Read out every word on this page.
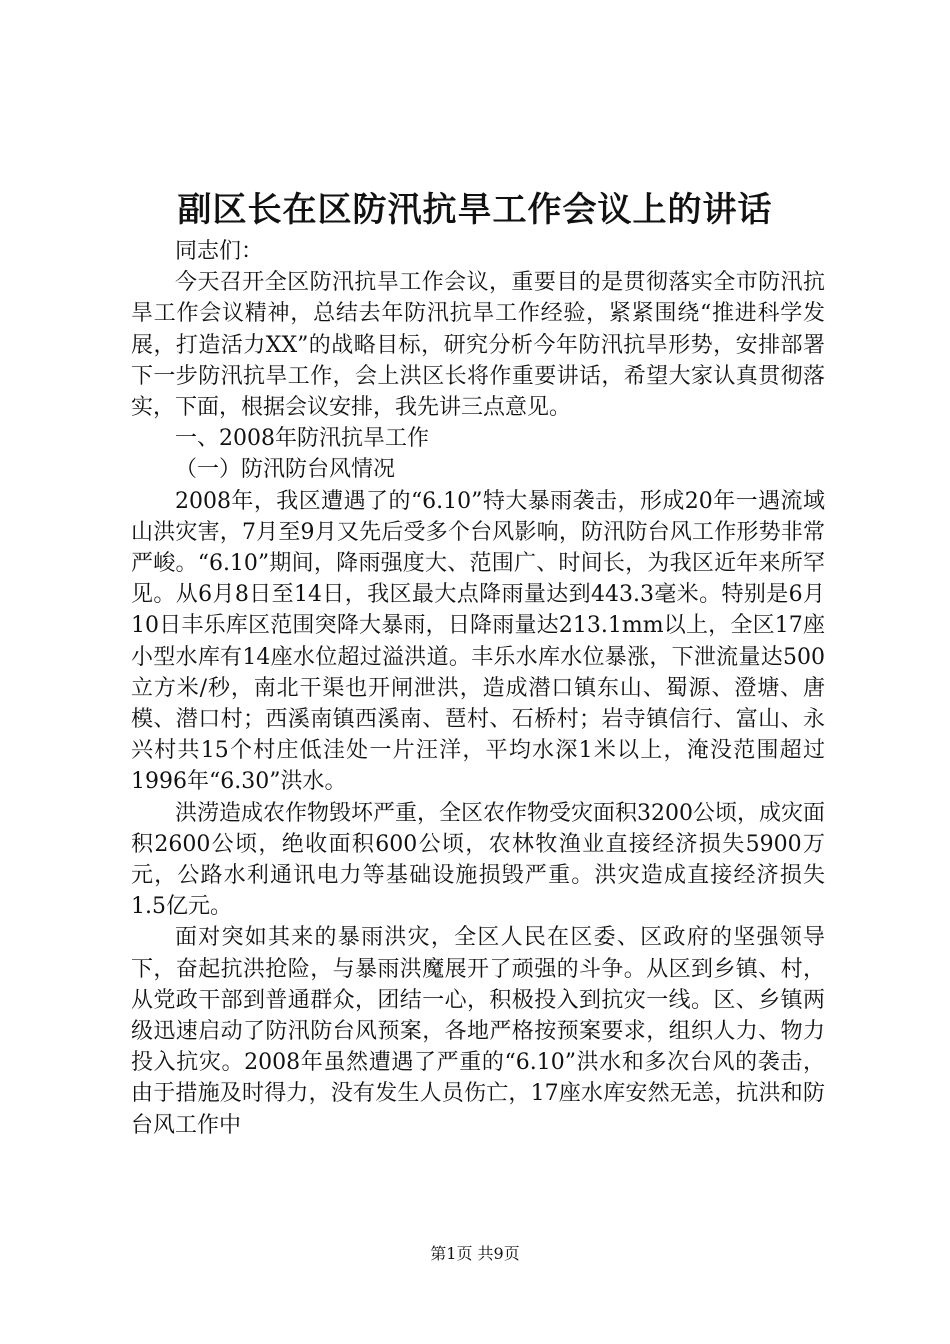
副区长在区防汛抗旱工作会议上的讲话

同志们：

今天召开全区防汛抗旱工作会议，重要目的是贯彻落实全市防汛抗旱工作会议精神，总结去年防汛抗旱工作经验，紧紧围绕“推进科学发展，打造活力XX”的战略目标，研究分析今年防汛抗旱形势，安排部署下一步防汛抗旱工作，会上洪区长将作重要讲话，希望大家认真贯彻落实，下面，根据会议安排，我先讲三点意见。

一、2008年防汛抗旱工作

（一）防汛防台风情况

2008年，我区遭遇了的“6.10”特大暴雨袭击，形成20年一遇流域山洪灾害，7月至9月又先后受多个台风影响，防汛防台风工作形势非常严峻。“6.10”期间，降雨强度大、范围广、时间长，为我区近年来所罕见。从6月8日至14日，我区最大点降雨量达到443.3毫米。特别是6月10日丰乐库区范围突降大暴雨，日降雨量达213.1mm以上，全区17座小型水库有14座水位超过溢洪道。丰乐水库水位暴涨，下泄流量达500立方米/秒，南北干渠也开闸泄洪，造成潜口镇东山、蜀源、澄塘、唐模、潜口村；西溪南镇西溪南、琶村、石桥村；岩寺镇信行、富山、永兴村共15个村庄低洼处一片汪洋，平均水深1米以上，淹没范围超过1996年“6.30”洪水。

洪涝造成农作物毁坏严重，全区农作物受灾面积3200公顷，成灾面积2600公顷，绝收面积600公顷，农林牧渔业直接经济损失5900万元，公路水利通讯电力等基础设施损毁严重。洪灾造成直接经济损失1.5亿元。

面对突如其来的暴雨洪灾，全区人民在区委、区政府的坚强领导下，奋起抗洪抢险，与暴雨洪魔展开了顽强的斗争。从区到乡镇、村，从党政干部到普通群众，团结一心，积极投入到抗灾一线。区、乡镇两级迅速启动了防汛防台风预案，各地严格按预案要求，组织人力、物力投入抗灾。2008年虽然遭遇了严重的“6.10”洪水和多次台风的袭击，由于措施及时得力，没有发生人员伤亡，17座水库安然无恙，抗洪和防台风工作中

第1页 共9页
